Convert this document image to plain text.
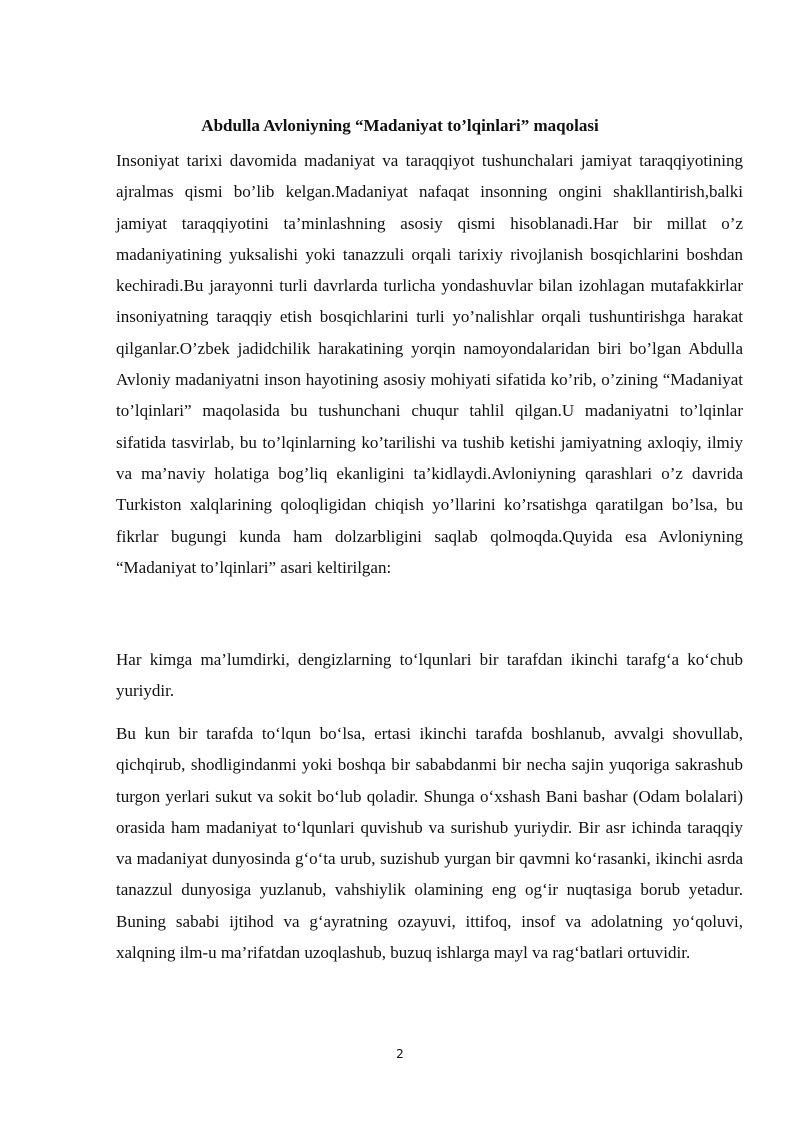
Abdulla Avloniyning “Madaniyat to’lqinlari” maqolasi

Insoniyat tarixi davomida madaniyat va taraqqiyot tushunchalari jamiyat taraqqiyotining ajralmas qismi bo’lib kelgan.Madaniyat nafaqat insonning ongini shakllantirish,balki jamiyat taraqqiyotini ta’minlashning asosiy qismi hisoblanadi.Har bir millat o’z madaniyatining yuksalishi yoki tanazzuli orqali tarixiy rivojlanish bosqichlarini boshdan kechiradi.Bu jarayonni turli davrlarda turlicha yondashuvlar bilan izohlagan mutafakkirlar insoniyatning taraqqiy etish bosqichlarini turli yo’nalishlar orqali tushuntirishga harakat qilganlar.O’zbek jadidchilik harakatining yorqin namoyondalaridan biri bo’lgan Abdulla Avloniy madaniyatni inson hayotining asosiy mohiyati sifatida ko’rib, o’zining “Madaniyat to’lqinlari” maqolasida bu tushunchani chuqur tahlil qilgan.U madaniyatni to’lqinlar sifatida tasvirlab, bu to’lqinlarning ko’tarilishi va tushib ketishi jamiyatning axloqiy, ilmiy va ma’naviy holatiga bog’liq ekanligini ta’kidlaydi.Avloniyning qarashlari o’z davrida Turkiston xalqlarining qoloqligidan chiqish yo’llarini ko’rsatishga qaratilgan bo’lsa, bu fikrlar bugungi kunda ham dolzarbligini saqlab qolmoqda.Quyida esa Avloniyning “Madaniyat to’lqinlari” asari keltirilgan:

Har kimga ma’lumdirki, dengizlarning to‘lqunlari bir tarafdan ikinchi tarafg‘a ko‘chub yuriydir.

Bu kun bir tarafda to‘lqun bo‘lsa, ertasi ikinchi tarafda boshlanub, avvalgi shovullab, qichqirub, shodligindanmi yoki boshqa bir sababdanmi bir necha sajin yuqoriga sakrashub turgon yerlari sukut va sokit bo‘lub qoladir. Shunga o‘xshash Bani bashar (Odam bolalari) orasida ham madaniyat to‘lqunlari quvishub va surishub yuriydir. Bir asr ichinda taraqqiy va madaniyat dunyosinda g‘o‘ta urub, suzishub yurgan bir qavmni ko‘rasanki, ikinchi asrda tanazzul dunyosiga yuzlanub, vahshiylik olamining eng og‘ir nuqtasiga borub yetadur. Buning sababi ijtihod va g‘ayratning ozayuvi, ittifoq, insof va adolatning yo‘qoluvi, xalqning ilm-u ma’rifatdan uzoqlashub, buzuq ishlarga mayl va rag‘batlari ortuvidir.

2
